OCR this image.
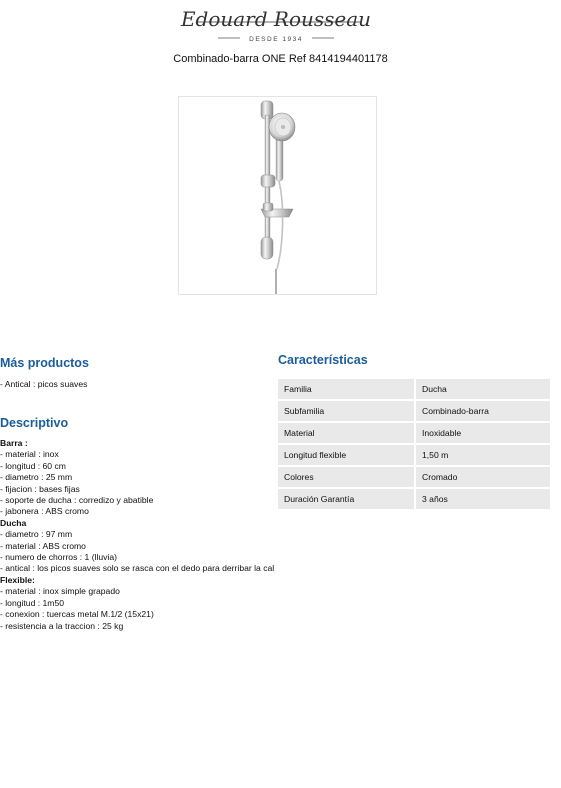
Edouard Rousseau
DESDE 1934
Combinado-barra ONE Ref 8414194401178
Más productos
- Antical : picos suaves
Descriptivo
Barra :
- material : inox
- longitud : 60 cm
- diametro : 25 mm
- fijacion : bases fijas
- soporte de ducha : corredizo y abatible
- jabonera : ABS cromo
Ducha
- diametro : 97 mm
- material : ABS cromo
- numero de chorros : 1 (lluvia)
- antical : los picos suaves solo se rasca con el dedo para derribar la cal
Flexible:
- material : inox simple grapado
- longitud : 1m50
- conexion : tuercas metal M.1/2 (15x21)
- resistencia a la traccion : 25 kg
Características
Familia	Ducha
Subfamilia	Combinado-barra
Material	Inoxidable
Longitud flexible	1,50 m
Colores	Cromado
Duración Garantía	3 años
